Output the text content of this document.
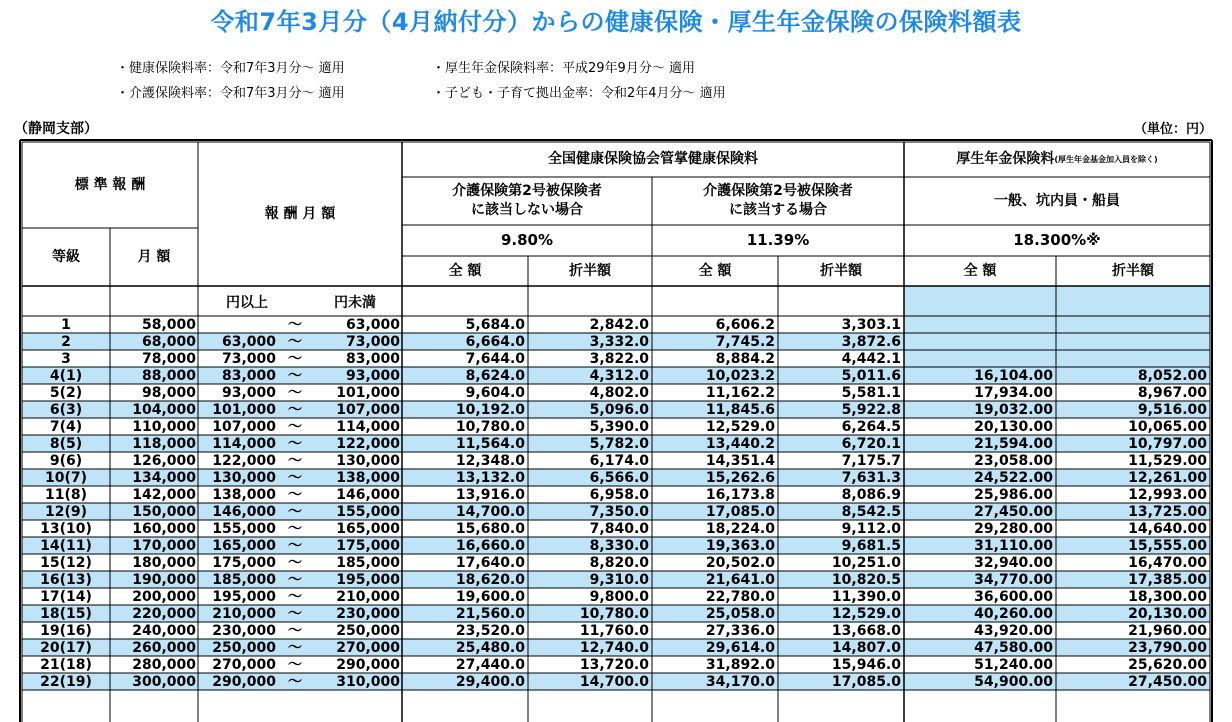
令和7年3月分（4月納付分）からの健康保険・厚生年金保険の保険料額表
・健康保険料率：令和7年3月分～ 適用	・厚生年金保険料率：平成29年9月分～ 適用
・介護保険料率：令和7年3月分～ 適用	・子ども・子育て拠出金率：令和2年4月分～ 適用
（静岡支部）	（単位：円）
標 準 報 酬
等級	月 額
報 酬 月 額
全国健康保険協会管掌健康保険料
介護保険第2号被保険者
に該当しない場合
介護保険第2号被保険者
に該当する場合
厚生年金保険料 (厚生年金基金加入員を除く)
一般、坑内員・船員
9.80%	11.39%	18.300%※
全 額	折半額	全 額	折半額	全 額	折半額
円以上	円未満
1	58,000	～	63,000	5,684.0	2,842.0	6,606.2	3,303.1
2	68,000	63,000 ～	73,000	6,664.0	3,332.0	7,745.2	3,872.6
3	78,000	73,000 ～	83,000	7,644.0	3,822.0	8,884.2	4,442.1
4(1)	88,000	83,000 ～	93,000	8,624.0	4,312.0	10,023.2	5,011.6	16,104.00	8,052.00
5(2)	98,000	93,000 ～	101,000	9,604.0	4,802.0	11,162.2	5,581.1	17,934.00	8,967.00
6(3)	104,000	101,000 ～	107,000	10,192.0	5,096.0	11,845.6	5,922.8	19,032.00	9,516.00
7(4)	110,000	107,000 ～	114,000	10,780.0	5,390.0	12,529.0	6,264.5	20,130.00	10,065.00
8(5)	118,000	114,000 ～	122,000	11,564.0	5,782.0	13,440.2	6,720.1	21,594.00	10,797.00
9(6)	126,000	122,000 ～	130,000	12,348.0	6,174.0	14,351.4	7,175.7	23,058.00	11,529.00
10(7)	134,000	130,000 ～	138,000	13,132.0	6,566.0	15,262.6	7,631.3	24,522.00	12,261.00
11(8)	142,000	138,000 ～	146,000	13,916.0	6,958.0	16,173.8	8,086.9	25,986.00	12,993.00
12(9)	150,000	146,000 ～	155,000	14,700.0	7,350.0	17,085.0	8,542.5	27,450.00	13,725.00
13(10)	160,000	155,000 ～	165,000	15,680.0	7,840.0	18,224.0	9,112.0	29,280.00	14,640.00
14(11)	170,000	165,000 ～	175,000	16,660.0	8,330.0	19,363.0	9,681.5	31,110.00	15,555.00
15(12)	180,000	175,000 ～	185,000	17,640.0	8,820.0	20,502.0	10,251.0	32,940.00	16,470.00
16(13)	190,000	185,000 ～	195,000	18,620.0	9,310.0	21,641.0	10,820.5	34,770.00	17,385.00
17(14)	200,000	195,000 ～	210,000	19,600.0	9,800.0	22,780.0	11,390.0	36,600.00	18,300.00
18(15)	220,000	210,000 ～	230,000	21,560.0	10,780.0	25,058.0	12,529.0	40,260.00	20,130.00
19(16)	240,000	230,000 ～	250,000	23,520.0	11,760.0	27,336.0	13,668.0	43,920.00	21,960.00
20(17)	260,000	250,000 ～	270,000	25,480.0	12,740.0	29,614.0	14,807.0	47,580.00	23,790.00
21(18)	280,000	270,000 ～	290,000	27,440.0	13,720.0	31,892.0	15,946.0	51,240.00	25,620.00
22(19)	300,000	290,000 ～	310,000	29,400.0	14,700.0	34,170.0	17,085.0	54,900.00	27,450.00
